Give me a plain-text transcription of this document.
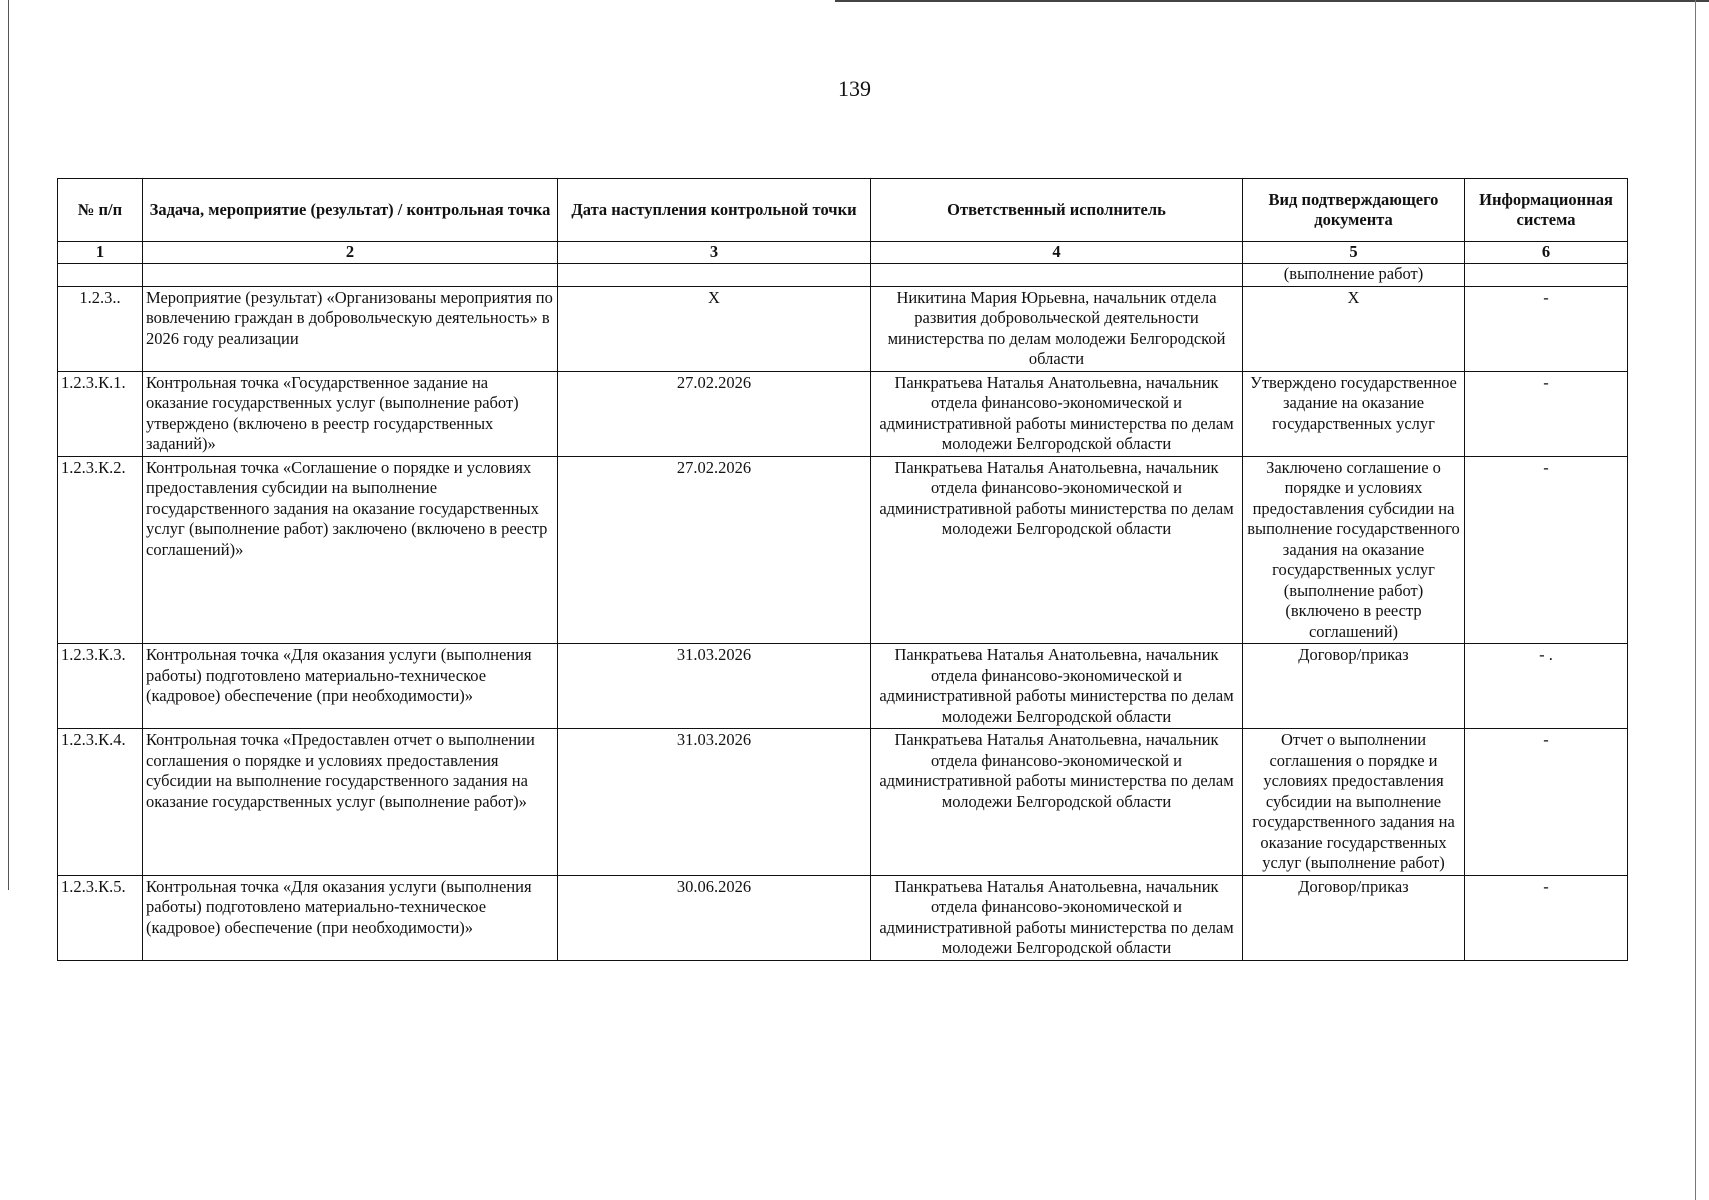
139
№ п/п	Задача, мероприятие (результат) / контрольная точка	Дата наступления контрольной точки	Ответственный исполнитель	Вид подтверждающего документа	Информационная система
1	2	3	4	5	6
				(выполнение работ)	
1.2.3..	Мероприятие (результат) «Организованы мероприятия по вовлечению граждан в добровольческую деятельность» в 2026 году реализации	X	Никитина Мария Юрьевна, начальник отдела развития добровольческой деятельности министерства по делам молодежи Белгородской области	X	-
1.2.3.К.1.	Контрольная точка «Государственное задание на оказание государственных услуг (выполнение работ) утверждено (включено в реестр государственных заданий)»	27.02.2026	Панкратьева Наталья Анатольевна, начальник отдела финансово-экономической и административной работы министерства по делам молодежи Белгородской области	Утверждено государственное задание на оказание государственных услуг	-
1.2.3.К.2.	Контрольная точка «Соглашение о порядке и условиях предоставления субсидии на выполнение государственного задания на оказание государственных услуг (выполнение работ) заключено (включено в реестр соглашений)»	27.02.2026	Панкратьева Наталья Анатольевна, начальник отдела финансово-экономической и административной работы министерства по делам молодежи Белгородской области	Заключено соглашение о порядке и условиях предоставления субсидии на выполнение государственного задания на оказание государственных услуг (выполнение работ) (включено в реестр соглашений)	-
1.2.3.К.3.	Контрольная точка «Для оказания услуги (выполнения работы) подготовлено материально-техническое (кадровое) обеспечение (при необходимости)»	31.03.2026	Панкратьева Наталья Анатольевна, начальник отдела финансово-экономической и административной работы министерства по делам молодежи Белгородской области	Договор/приказ	- .
1.2.3.К.4.	Контрольная точка «Предоставлен отчет о выполнении соглашения о порядке и условиях предоставления субсидии на выполнение государственного задания на оказание государственных услуг (выполнение работ)»	31.03.2026	Панкратьева Наталья Анатольевна, начальник отдела финансово-экономической и административной работы министерства по делам молодежи Белгородской области	Отчет о выполнении соглашения о порядке и условиях предоставления субсидии на выполнение государственного задания на оказание государственных услуг (выполнение работ)	-
1.2.3.К.5.	Контрольная точка «Для оказания услуги (выполнения работы) подготовлено материально-техническое (кадровое) обеспечение (при необходимости)»	30.06.2026	Панкратьева Наталья Анатольевна, начальник отдела финансово-экономической и административной работы министерства по делам молодежи Белгородской области	Договор/приказ	-
